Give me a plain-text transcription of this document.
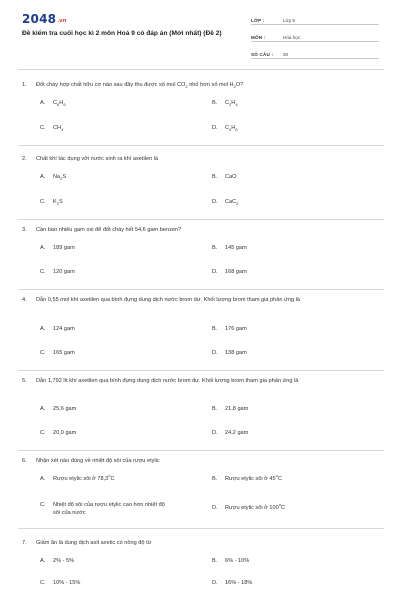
$2048^{.vn}$
Đề kiểm tra cuối học kì 2 môn Hoá 9 có đáp án (Mới nhất) (Đề 2)
LỚP :	Lớp 9
MÔN :	Hóa học
SỐ CÂU :	30
1.	Đốt cháy hợp chất hữu cơ nào sau đây thu được số mol $CO_2$ nhỏ hơn số mol $H_2O$?
A.	$C_6H_6$	B.	$C_2H_4$
C.	$CH_4$	D.	$C_4H_6$
2.	Chất khí tác dụng với nước sinh ra khí axetilen là
A.	$Na_2S$	B.	CaO
C.	$K_2S$	D.	CaC$_2$
3.	Cần bao nhiêu gam oxi để đốt cháy hết 54,6 gam benzen?
A.	189 gam	B.	145 gam
C.	120 gam	D.	168 gam
4.	Dẫn 0,55 mol khí axetilen qua bình đựng dung dịch nước brom dư. Khối lượng brom tham gia phản ứng là
A.	124 gam	B.	176 gam
C.	165 gam	D.	138 gam
5.	Dẫn 1,792 lít khí axetilen qua bình đựng dung dịch nước brom dư. Khối lượng brom tham gia phản ứng là
A.	25,6 gam	B.	21,8 gam
C.	20,9 gam	D.	24,2 gam
6.	Nhận xét nào đúng về nhiệt độ sôi của rượu etylic
A.	Rượu etylic sôi ở 78,3$^o$C	B.	Rượu etylic sôi ở 45$^o$C
C.	Nhiệt độ sôi của rượu etylic cao hơn nhiệt độ sôi của nước
D.	Rượu etylic sôi ở 100$^o$C
7.	Giấm ăn là dung dịch axit axetic có nồng độ từ
A.	2% - 5%	B.	6% - 10%
C.	10% - 15%	D.	16% - 18%
